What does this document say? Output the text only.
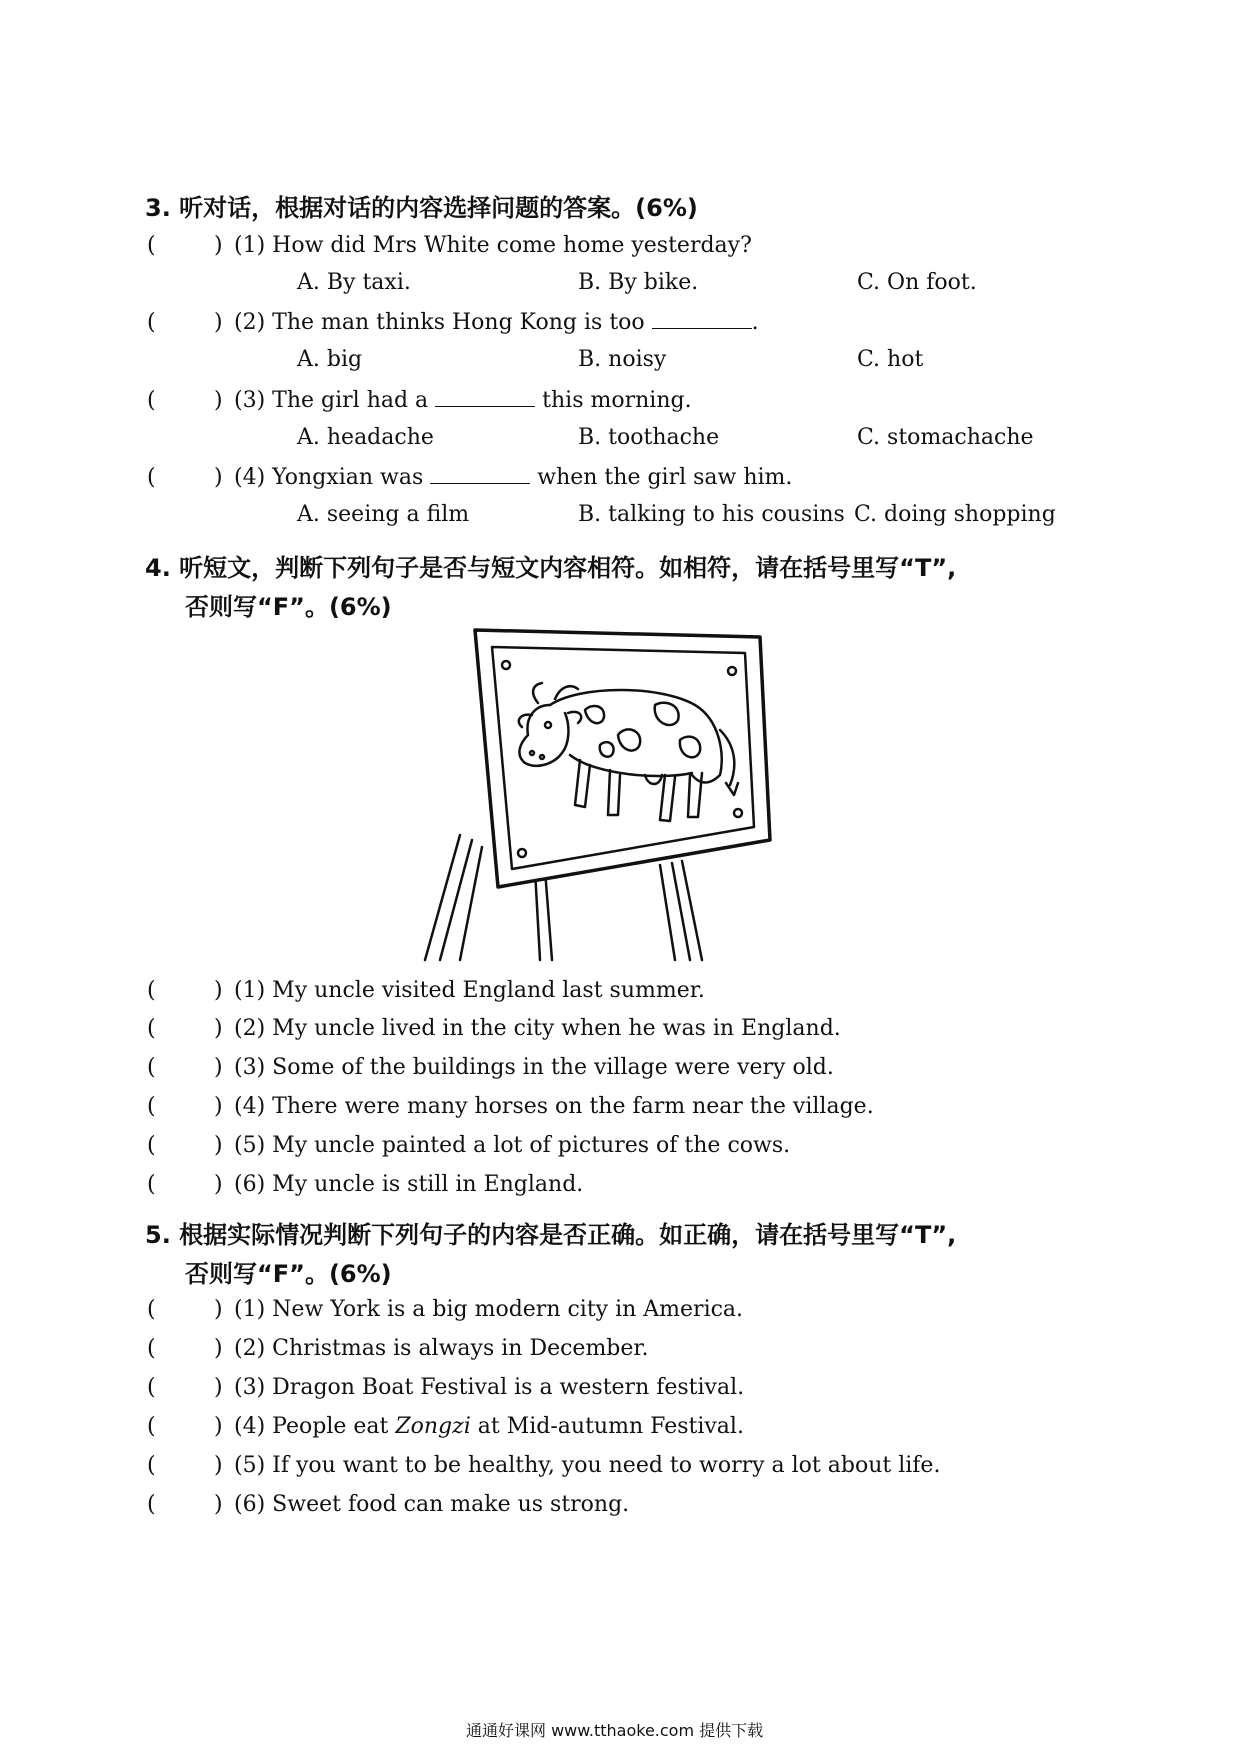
3. 听对话，根据对话的内容选择问题的答案。(6%)
(	) (1) How did Mrs White come home yesterday?
A. By taxi.	B. By bike.	C. On foot.
(	) (2) The man thinks Hong Kong is too	.
A. big	B. noisy	C. hot
(	) (3) The girl had a	this morning.
A. headache	B. toothache	C. stomachache
(	) (4) Yongxian was	when the girl saw him.
A. seeing a film	B. talking to his cousins C. doing shopping
4. 听短文，判断下列句子是否与短文内容相符。如相符，请在括号里写“T”,
否则写“F”。(6%)
(	) (1) My uncle visited England last summer.
(	) (2) My uncle lived in the city when he was in England.
(	) (3) Some of the buildings in the village were very old.
(	) (4) There were many horses on the farm near the village.
(	) (5) My uncle painted a lot of pictures of the cows.
(	) (6) My uncle is still in England.
5. 根据实际情况判断下列句子的内容是否正确。如正确，请在括号里写“T”,
否则写“F”。(6%)
(	) (1) New York is a big modern city in America.
(	) (2) Christmas is always in December.
(	) (3) Dragon Boat Festival is a western festival.
(	) (4) People eat Zongzi at Mid-autumn Festival.
(	) (5) If you want to be healthy, you need to worry a lot about life.
(	) (6) Sweet food can make us strong.
通通好课网 www.tthaoke.com 提供下载
